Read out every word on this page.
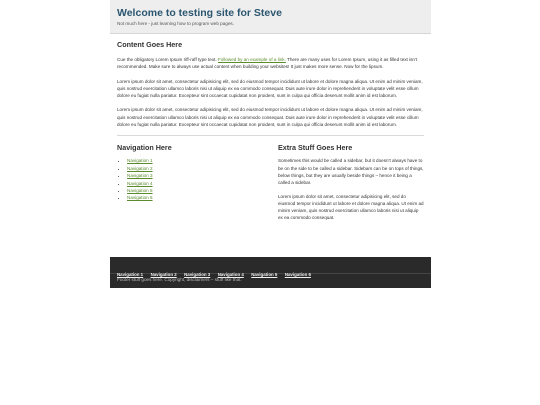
Welcome to testing site for Steve
Not much here - just learning how to program web pages.
Content Goes Here

Cue the obligatory Lorem Ipsum riff-raff type text. Followed by an example of a link. There are many uses for Lorem Ipsum, using it as filled text isn't recommended. Make sure to always use actual content when building your websites! It just makes more sense. Now for the lipsum.

Lorem ipsum dolor sit amet, consectetur adipisicing elit, sed do eiusmod tempor incididunt ut labore et dolore magna aliqua. Ut enim ad minim veniam, quis nostrud exercitation ullamco laboris nisi ut aliquip ex ea commodo consequat. Duis aute irure dolor in reprehenderit in voluptate velit esse cillum dolore eu fugiat nulla pariatur. Excepteur sint occaecat cupidatat non proident, sunt in culpa qui officia deserunt mollit anim id est laborum.

Lorem ipsum dolor sit amet, consectetur adipisicing elit, sed do eiusmod tempor incididunt ut labore et dolore magna aliqua. Ut enim ad minim veniam, quis nostrud exercitation ullamco laboris nisi ut aliquip ex ea commodo consequat. Duis aute irure dolor in reprehenderit in voluptate velit esse cillum dolore eu fugiat nulla pariatur. Excepteur sint occaecat cupidatat non proident, sunt in culpa qui officia deserunt mollit anim id est laborum.

Navigation Here
• Navigation 1
• Navigation 2
• Navigation 3
• Navigation 4
• Navigation 5
• Navigation 6
Extra Stuff Goes Here

Sometimes this would be called a sidebar, but it doesn't always have to be on the side to be called a sidebar. Sidebars can be on tops of things, below things, but they are usually beside things – hence it being a called a sidebar.

Lorem ipsum dolor sit amet, consectetur adipisicing elit, sed do eiusmod tempor incididunt ut labore et dolore magna aliqua. Ut enim ad minim veniam, quis nostrud exercitation ullamco laboris nisi ut aliquip ex ea commodo consequat.

Navigation 1 Navigation 2 Navigation 3 Navigation 4 Navigation 5 Navigation 6
Footer stuff goes here. Copyright, disclaimers – stuff like that.
